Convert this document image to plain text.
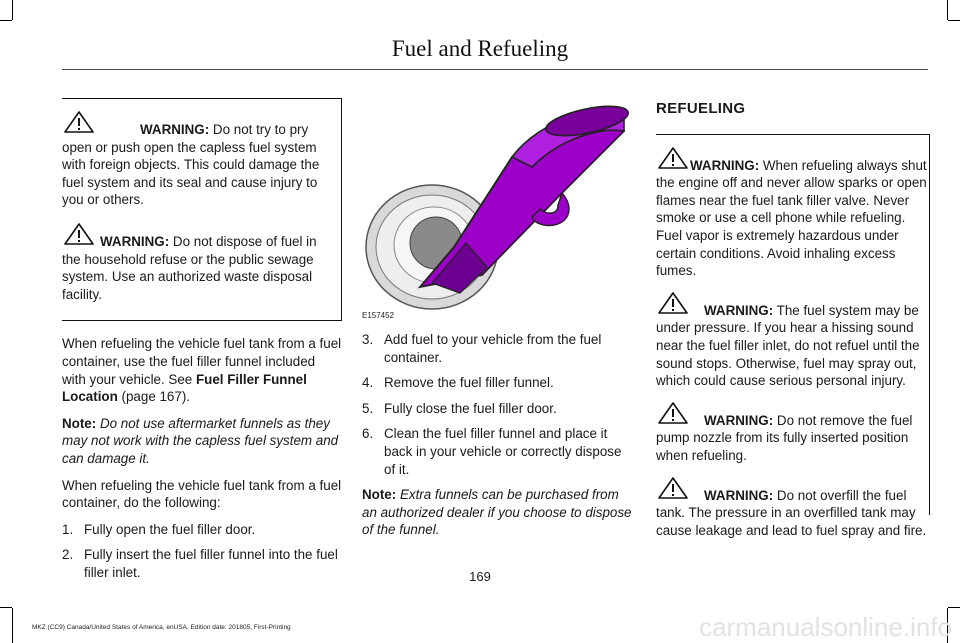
Fuel and Refueling

WARNING: Do not try to pry open or push open the capless fuel system with foreign objects. This could damage the fuel system and its seal and cause injury to you or others.

WARNING: Do not dispose of fuel in the household refuse or the public sewage system. Use an authorized waste disposal facility.

When refueling the vehicle fuel tank from a fuel container, use the fuel filler funnel included with your vehicle. See Fuel Filler Funnel Location (page 167).

Note: Do not use aftermarket funnels as they may not work with the capless fuel system and can damage it.

When refueling the vehicle fuel tank from a fuel container, do the following:

1. Fully open the fuel filler door.
2. Fully insert the fuel filler funnel into the fuel filler inlet.
E157452
3. Add fuel to your vehicle from the fuel container.
4. Remove the fuel filler funnel.
5. Fully close the fuel filler door.
6. Clean the fuel filler funnel and place it back in your vehicle or correctly dispose of it.

Note: Extra funnels can be purchased from an authorized dealer if you choose to dispose of the funnel.

REFUELING

WARNING: When refueling always shut the engine off and never allow sparks or open flames near the fuel tank filler valve. Never smoke or use a cell phone while refueling. Fuel vapor is extremely hazardous under certain conditions. Avoid inhaling excess fumes.

WARNING: The fuel system may be under pressure. If you hear a hissing sound near the fuel filler inlet, do not refuel until the sound stops. Otherwise, fuel may spray out, which could cause serious personal injury.

WARNING: Do not remove the fuel pump nozzle from its fully inserted position when refueling.

WARNING: Do not overfill the fuel tank. The pressure in an overfilled tank may cause leakage and lead to fuel spray and fire.

169
MKZ (CC9) Canada/United States of America, enUSA, Edition date: 201805, First-Printing	carmanualsonline.info
